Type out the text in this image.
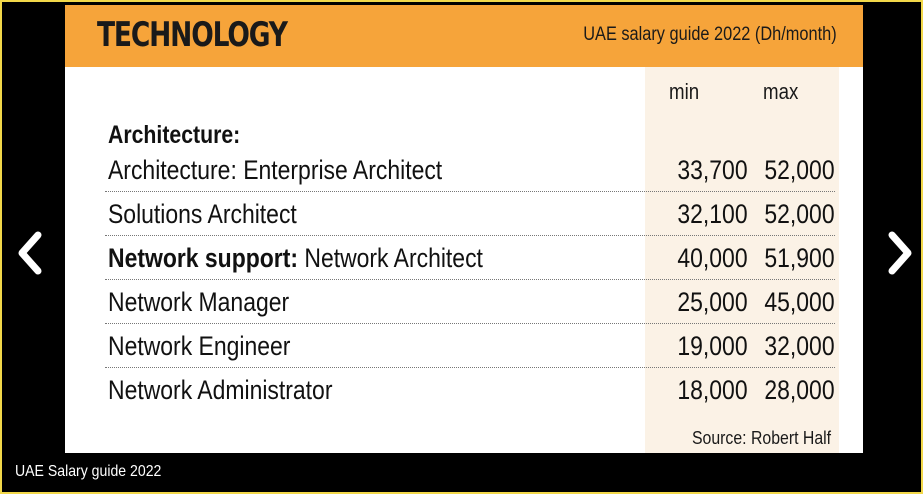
TECHNOLOGY	UAE salary guide 2022 (Dh/month)
min	max
Architecture:
Architecture: Enterprise Architect	33,700 52,000
Solutions Architect	32,100 52,000
Network support: Network Architect	40,000 51,900
Network Manager	25,000 45,000
Network Engineer	19,000 32,000
Network Administrator	18,000 28,000
Source: Robert Half
UAE Salary guide 2022
